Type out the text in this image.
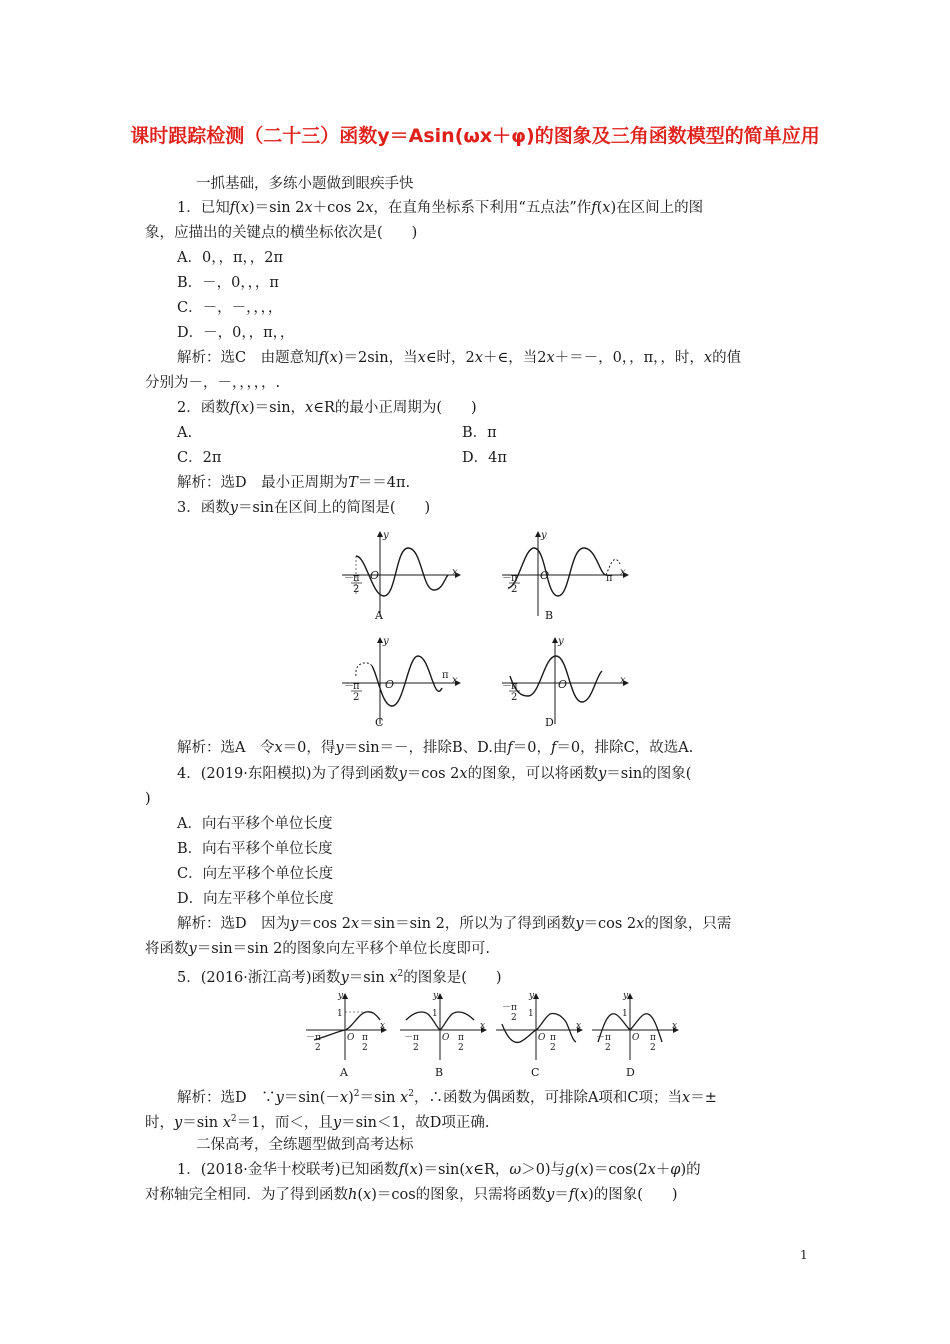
课时跟踪检测（二十三）函数y＝Asin(ωx＋φ)的图象及三角函数模型的简单应用
一抓基础，多练小题做到眼疾手快
1．已知f(x)＝sin 2x＋cos 2x，在直角坐标系下利用“五点法”作f(x)在区间上的图
象，应描出的关键点的横坐标依次是(　　)
A．0，，π，，2π
B．－，0，，，π
C．－，－，，，，
D．－，0，，π，，
解析：选C　由题意知f(x)＝2sin，当x∈时，2x＋∈，当2x＋＝－，0，，π，，时，x的值
分别为－，－，，，，，.
2．函数f(x)＝sin，x∈R的最小正周期为(　　)
A.	B．π
C．2π	D．4π
解析：选D　最小正周期为T＝＝4π.
3．函数y＝sin在区间上的简图是(　　)
O
y
x
－ π
2
A
O
y
x
π
－ π
2
B
O
y
x
π
－ π
2
C
O
y
x
－ π
2
D
解析：选A　令x＝0，得y＝sin＝－，排除B、D.由f＝0，f＝0，排除C，故选A.
4．(2019·东阳模拟)为了得到函数y＝cos 2x的图象，可以将函数y＝sin的图象(
)
A．向右平移个单位长度
B．向右平移个单位长度
C．向左平移个单位长度
D．向左平移个单位长度
解析：选D　因为y＝cos 2x＝sin＝sin 2，所以为了得到函数y＝cos 2x的图象，只需
将函数y＝sin＝sin 2的图象向左平移个单位长度即可.
5．(2016·浙江高考)函数y＝sin $x^2$的图象是(　　)
y
1
O
x
－ π
2
π
2
A
y
1
O
x
－ π
2
π
2
B
y
1
O
x
－ π
2
π
2
C
y
1
O
x
－ π
2
π
2
D
解析：选D　$\because y=\sin(-x)^2=\sin$ $x^2$，∴函数为偶函数，可排除A项和C项；当x＝±
时，y＝sin $x^2=1$，而＜，且y＝sin＜1，故D项正确.
二保高考，全练题型做到高考达标
1．(2018·金华十校联考)已知函数f(x)＝sin(x∈R，ω＞0)与g(x)＝cos(2x＋φ)的
对称轴完全相同．为了得到函数h(x)＝cos的图象，只需将函数y＝f(x)的图象(　　)
1
